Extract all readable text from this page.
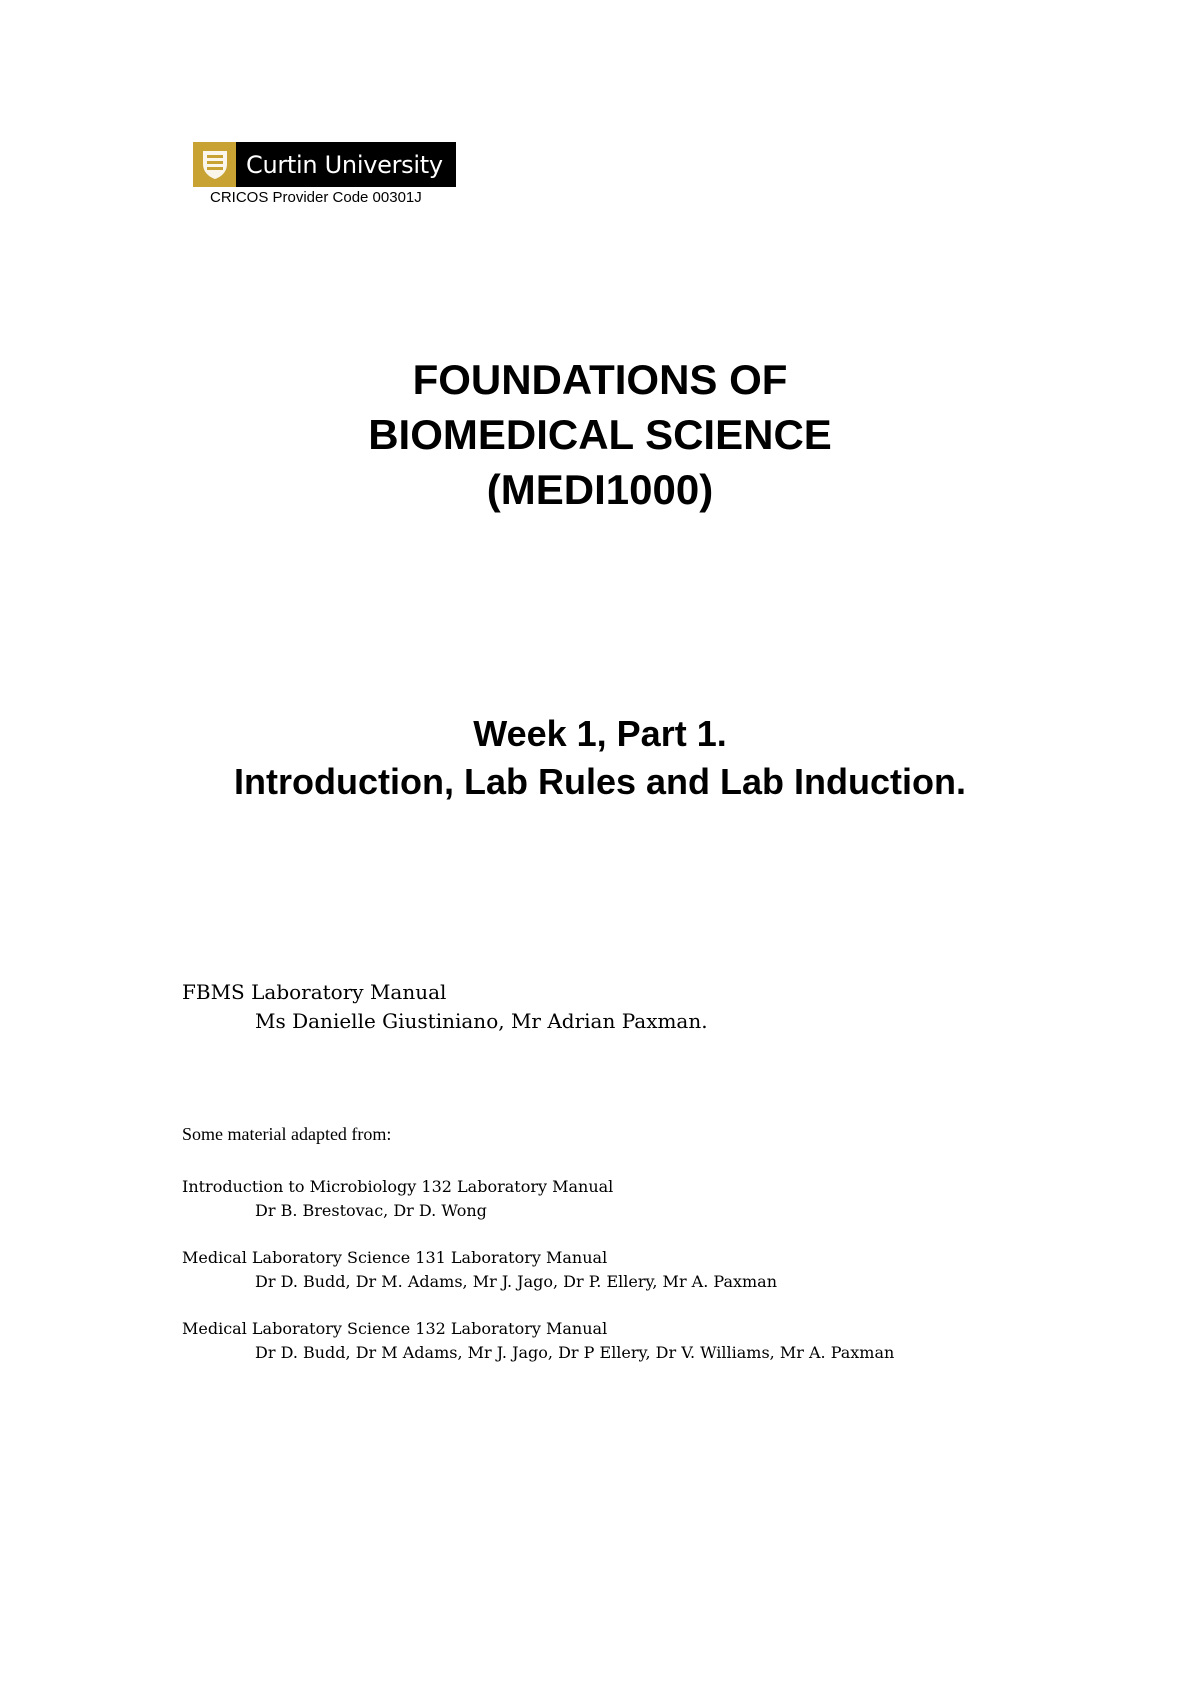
Curtin University
CRICOS Provider Code 00301J
FOUNDATIONS OF
BIOMEDICAL SCIENCE
(MEDI1000)
Week 1, Part 1.
Introduction, Lab Rules and Lab Induction.
FBMS Laboratory Manual
Ms Danielle Giustiniano, Mr Adrian Paxman.
Some material adapted from:
Introduction to Microbiology 132 Laboratory Manual
Dr B. Brestovac, Dr D. Wong
Medical Laboratory Science 131 Laboratory Manual
Dr D. Budd, Dr M. Adams, Mr J. Jago, Dr P. Ellery, Mr A. Paxman
Medical Laboratory Science 132 Laboratory Manual
Dr D. Budd, Dr M Adams, Mr J. Jago, Dr P Ellery, Dr V. Williams, Mr A. Paxman
